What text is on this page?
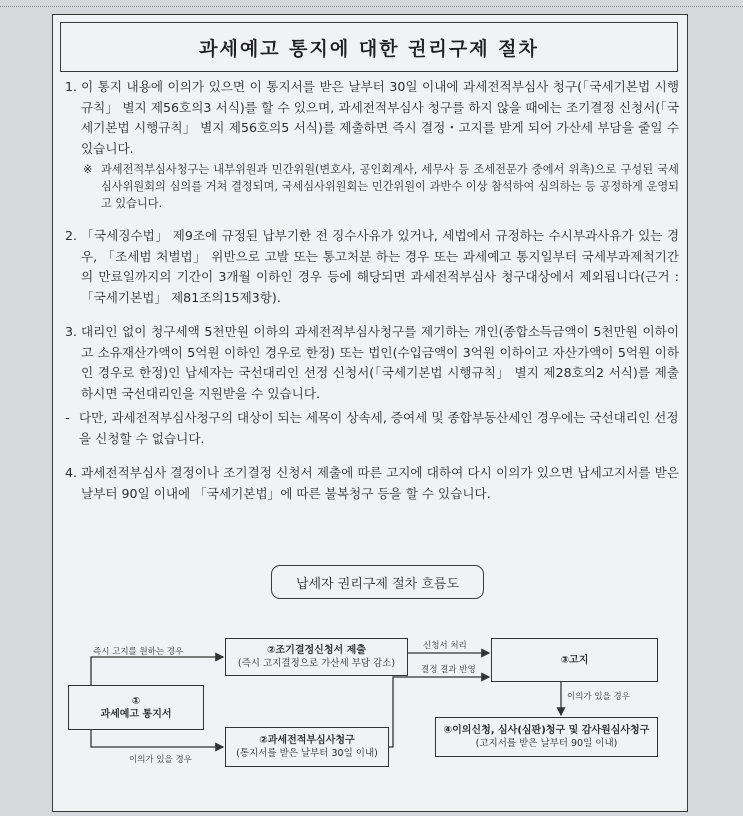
과세예고 통지에 대한 권리구제 절차
1. 이 통지 내용에 이의가 있으면 이 통지서를 받은 날부터 30일 이내에 과세전적부심사 청구(「국세기본법 시행규칙」 별지 제56호의3 서식)를 할 수 있으며, 과세전적부심사 청구를 하지 않을 때에는 조기결정 신청서(「국세기본법 시행규칙」 별지 제56호의5 서식)를 제출하면 즉시 결정・고지를 받게 되어 가산세 부담을 줄일 수 있습니다.
※ 과세전적부심사청구는 내부위원과 민간위원(변호사, 공인회계사, 세무사 등 조세전문가 중에서 위촉)으로 구성된 국세심사위원회의 심의를 거쳐 결정되며, 국세심사위원회는 민간위원이 과반수 이상 참석하여 심의하는 등 공정하게 운영되고 있습니다.
2. 「국세징수법」 제9조에 규정된 납부기한 전 징수사유가 있거나, 세법에서 규정하는 수시부과사유가 있는 경우, 「조세범 처벌법」 위반으로 고발 또는 통고처분 하는 경우 또는 과세예고 통지일부터 국세부과제척기간의 만료일까지의 기간이 3개월 이하인 경우 등에 해당되면 과세전적부심사 청구대상에서 제외됩니다(근거 : 「국세기본법」 제81조의15제3항).
3. 대리인 없이 청구세액 5천만원 이하의 과세전적부심사청구를 제기하는 개인(종합소득금액이 5천만원 이하이고 소유재산가액이 5억원 이하인 경우로 한정) 또는 법인(수입금액이 3억원 이하이고 자산가액이 5억원 이하인 경우로 한정)인 납세자는 국선대리인 선정 신청서(「국세기본법 시행규칙」 별지 제28호의2 서식)를 제출하시면 국선대리인을 지원받을 수 있습니다.
- 다만, 과세전적부심사청구의 대상이 되는 세목이 상속세, 증여세 및 종합부동산세인 경우에는 국선대리인 선정을 신청할 수 없습니다.
4. 과세전적부심사 결정이나 조기결정 신청서 제출에 따른 고지에 대하여 다시 이의가 있으면 납세고지서를 받은 날부터 90일 이내에 「국세기본법」에 따른 불복청구 등을 할 수 있습니다.
납세자 권리구제 절차 흐름도
①
과세예고 통지서
②조기결정신청서 제출
(즉시 고지결정으로 가산세 부담 감소)
②과세전적부심사청구
(통지서를 받은 날부터 30일 이내)
③고지
④이의신청, 심사(심판)청구 및 감사원심사청구
(고지서를 받은 날부터 90일 이내)
즉시 고지를 원하는 경우
이의가 있을 경우
신청서 처리
결정 결과 반영
이의가 있을 경우
